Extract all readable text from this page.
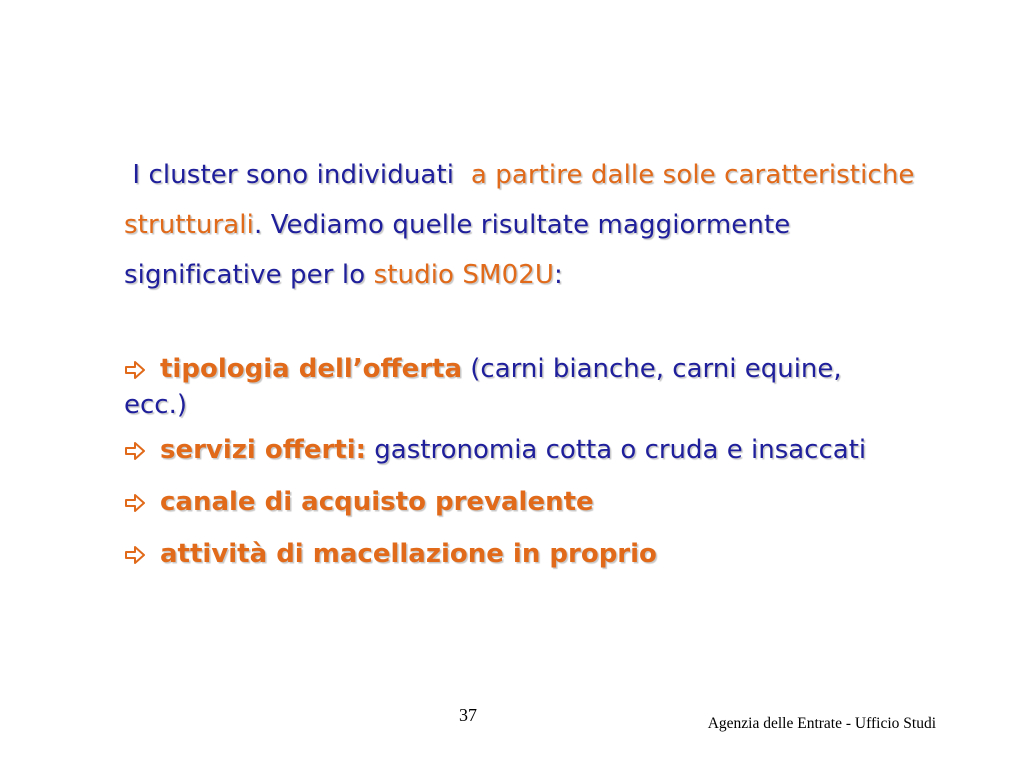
I cluster sono individuati a partire dalle sole caratteristiche strutturali. Vediamo quelle risultate maggiormente significative per lo studio SM02U:

tipologia dell’offerta (carni bianche, carni equine, ecc.)

servizi offerti: gastronomia cotta o cruda e insaccati

canale di acquisto prevalente

attività di macellazione in proprio

37	Agenzia delle Entrate - Ufficio Studi
